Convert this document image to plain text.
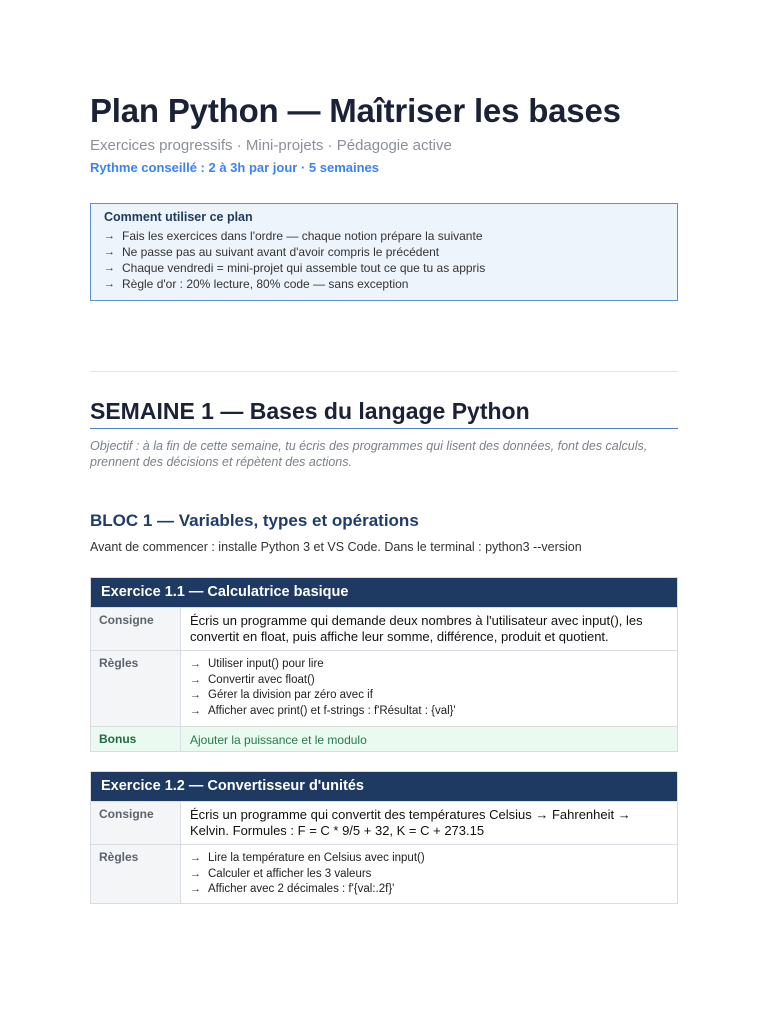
Plan Python — Maîtriser les bases
Exercices progressifs · Mini-projets · Pédagogie active
Rythme conseillé : 2 à 3h par jour · 5 semaines
Comment utiliser ce plan
→ Fais les exercices dans l'ordre — chaque notion prépare la suivante
→ Ne passe pas au suivant avant d'avoir compris le précédent
→ Chaque vendredi = mini-projet qui assemble tout ce que tu as appris
→ Règle d'or : 20% lecture, 80% code — sans exception
SEMAINE 1 — Bases du langage Python
Objectif : à la fin de cette semaine, tu écris des programmes qui lisent des données, font des calculs, prennent des décisions et répètent des actions.
BLOC 1 — Variables, types et opérations
Avant de commencer : installe Python 3 et VS Code. Dans le terminal : python3 --version
Exercice 1.1 — Calculatrice basique
Consigne	Écris un programme qui demande deux nombres à l'utilisateur avec input(), les convertit en float, puis affiche leur somme, différence, produit et quotient.
Règles	→ Utiliser input() pour lire
→ Convertir avec float()
→ Gérer la division par zéro avec if
→ Afficher avec print() et f-strings : f'Résultat : {val}'
Bonus	Ajouter la puissance et le modulo
Exercice 1.2 — Convertisseur d'unités
Consigne	Écris un programme qui convertit des températures Celsius → Fahrenheit → Kelvin. Formules : F = C * 9/5 + 32, K = C + 273.15
Règles	→ Lire la température en Celsius avec input()
→ Calculer et afficher les 3 valeurs
→ Afficher avec 2 décimales : f'{val:.2f}'
